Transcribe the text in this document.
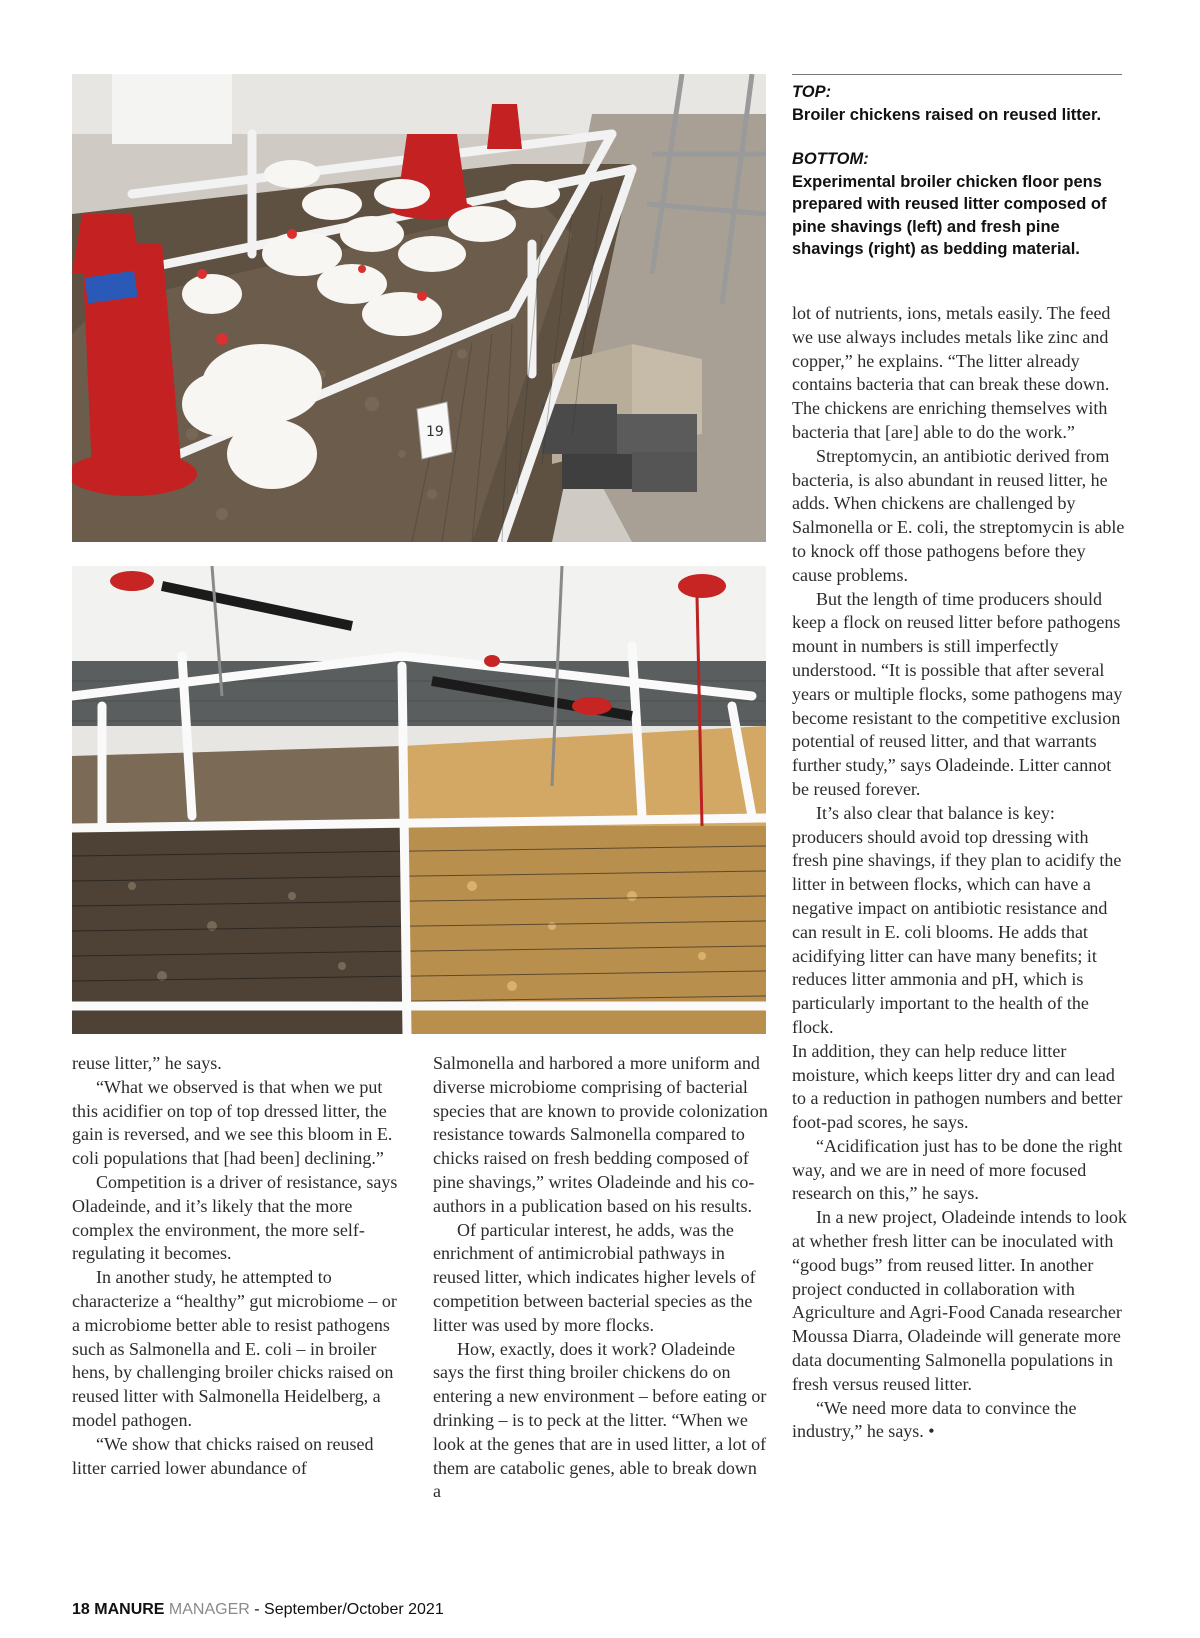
19
TOP:
Broiler chickens raised on reused litter.
BOTTOM:
Experimental broiler chicken floor pens prepared with reused litter composed of pine shavings (left) and fresh pine shavings (right) as bedding material.

reuse litter,” he says.

“What we observed is that when we put this acidifier on top of top dressed litter, the gain is reversed, and we see this bloom in E. coli populations that [had been] declining.”

Competition is a driver of resistance, says Oladeinde, and it’s likely that the more complex the environment, the more self-regulating it becomes.

In another study, he attempted to characterize a “healthy” gut microbiome – or a microbiome better able to resist pathogens such as Salmonella and E. coli – in broiler hens, by challenging broiler chicks raised on reused litter with Salmonella Heidelberg, a model pathogen.

“We show that chicks raised on reused litter carried lower abundance of

Salmonella and harbored a more uniform and diverse microbiome comprising of bacterial species that are known to provide colonization resistance towards Salmonella compared to chicks raised on fresh bedding composed of pine shavings,” writes Oladeinde and his co-authors in a publication based on his results.

Of particular interest, he adds, was the enrichment of antimicrobial pathways in reused litter, which indicates higher levels of competition between bacterial species as the litter was used by more flocks.

How, exactly, does it work? Oladeinde says the first thing broiler chickens do on entering a new environment – before eating or drinking – is to peck at the litter. “When we look at the genes that are in used litter, a lot of them are catabolic genes, able to break down a

lot of nutrients, ions, metals easily. The feed we use always includes metals like zinc and copper,” he explains. “The litter already contains bacteria that can break these down. The chickens are enriching themselves with bacteria that [are] able to do the work.”

Streptomycin, an antibiotic derived from bacteria, is also abundant in reused litter, he adds. When chickens are challenged by Salmonella or E. coli, the streptomycin is able to knock off those pathogens before they cause problems.

But the length of time producers should keep a flock on reused litter before pathogens mount in numbers is still imperfectly understood. “It is possible that after several years or multiple flocks, some pathogens may become resistant to the competitive exclusion potential of reused litter, and that warrants further study,” says Oladeinde. Litter cannot be reused forever.

It’s also clear that balance is key: producers should avoid top dressing with fresh pine shavings, if they plan to acidify the litter in between flocks, which can have a negative impact on antibiotic resistance and can result in E. coli blooms. He adds that acidifying litter can have many benefits; it reduces litter ammonia and pH, which is particularly important to the health of the flock.

In addition, they can help reduce litter moisture, which keeps litter dry and can lead to a reduction in pathogen numbers and better foot-pad scores, he says.

“Acidification just has to be done the right way, and we are in need of more focused research on this,” he says.

In a new project, Oladeinde intends to look at whether fresh litter can be inoculated with “good bugs” from reused litter. In another project conducted in collaboration with Agriculture and Agri-Food Canada researcher Moussa Diarra, Oladeinde will generate more data documenting Salmonella populations in fresh versus reused litter.

“We need more data to convince the industry,” he says. •

18 MANURE MANAGER - September/October 2021
